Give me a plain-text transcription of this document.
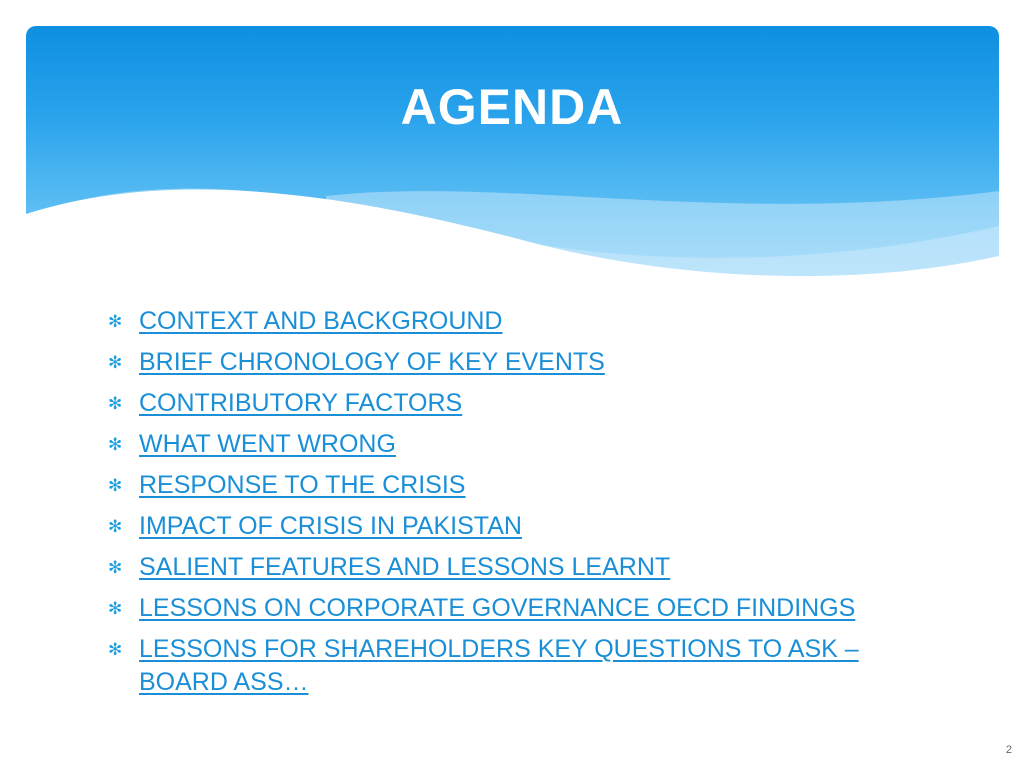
AGENDA
✻ CONTEXT AND BACKGROUND
✻ BRIEF CHRONOLOGY OF KEY EVENTS
✻ CONTRIBUTORY FACTORS
✻ WHAT WENT WRONG
✻ RESPONSE TO THE CRISIS
✻ IMPACT OF CRISIS IN PAKISTAN
✻ SALIENT FEATURES AND LESSONS LEARNT
✻ LESSONS ON CORPORATE GOVERNANCE OECD FINDINGS
✻ LESSONS FOR SHAREHOLDERS KEY QUESTIONS TO ASK – BOARD ASS…
2
